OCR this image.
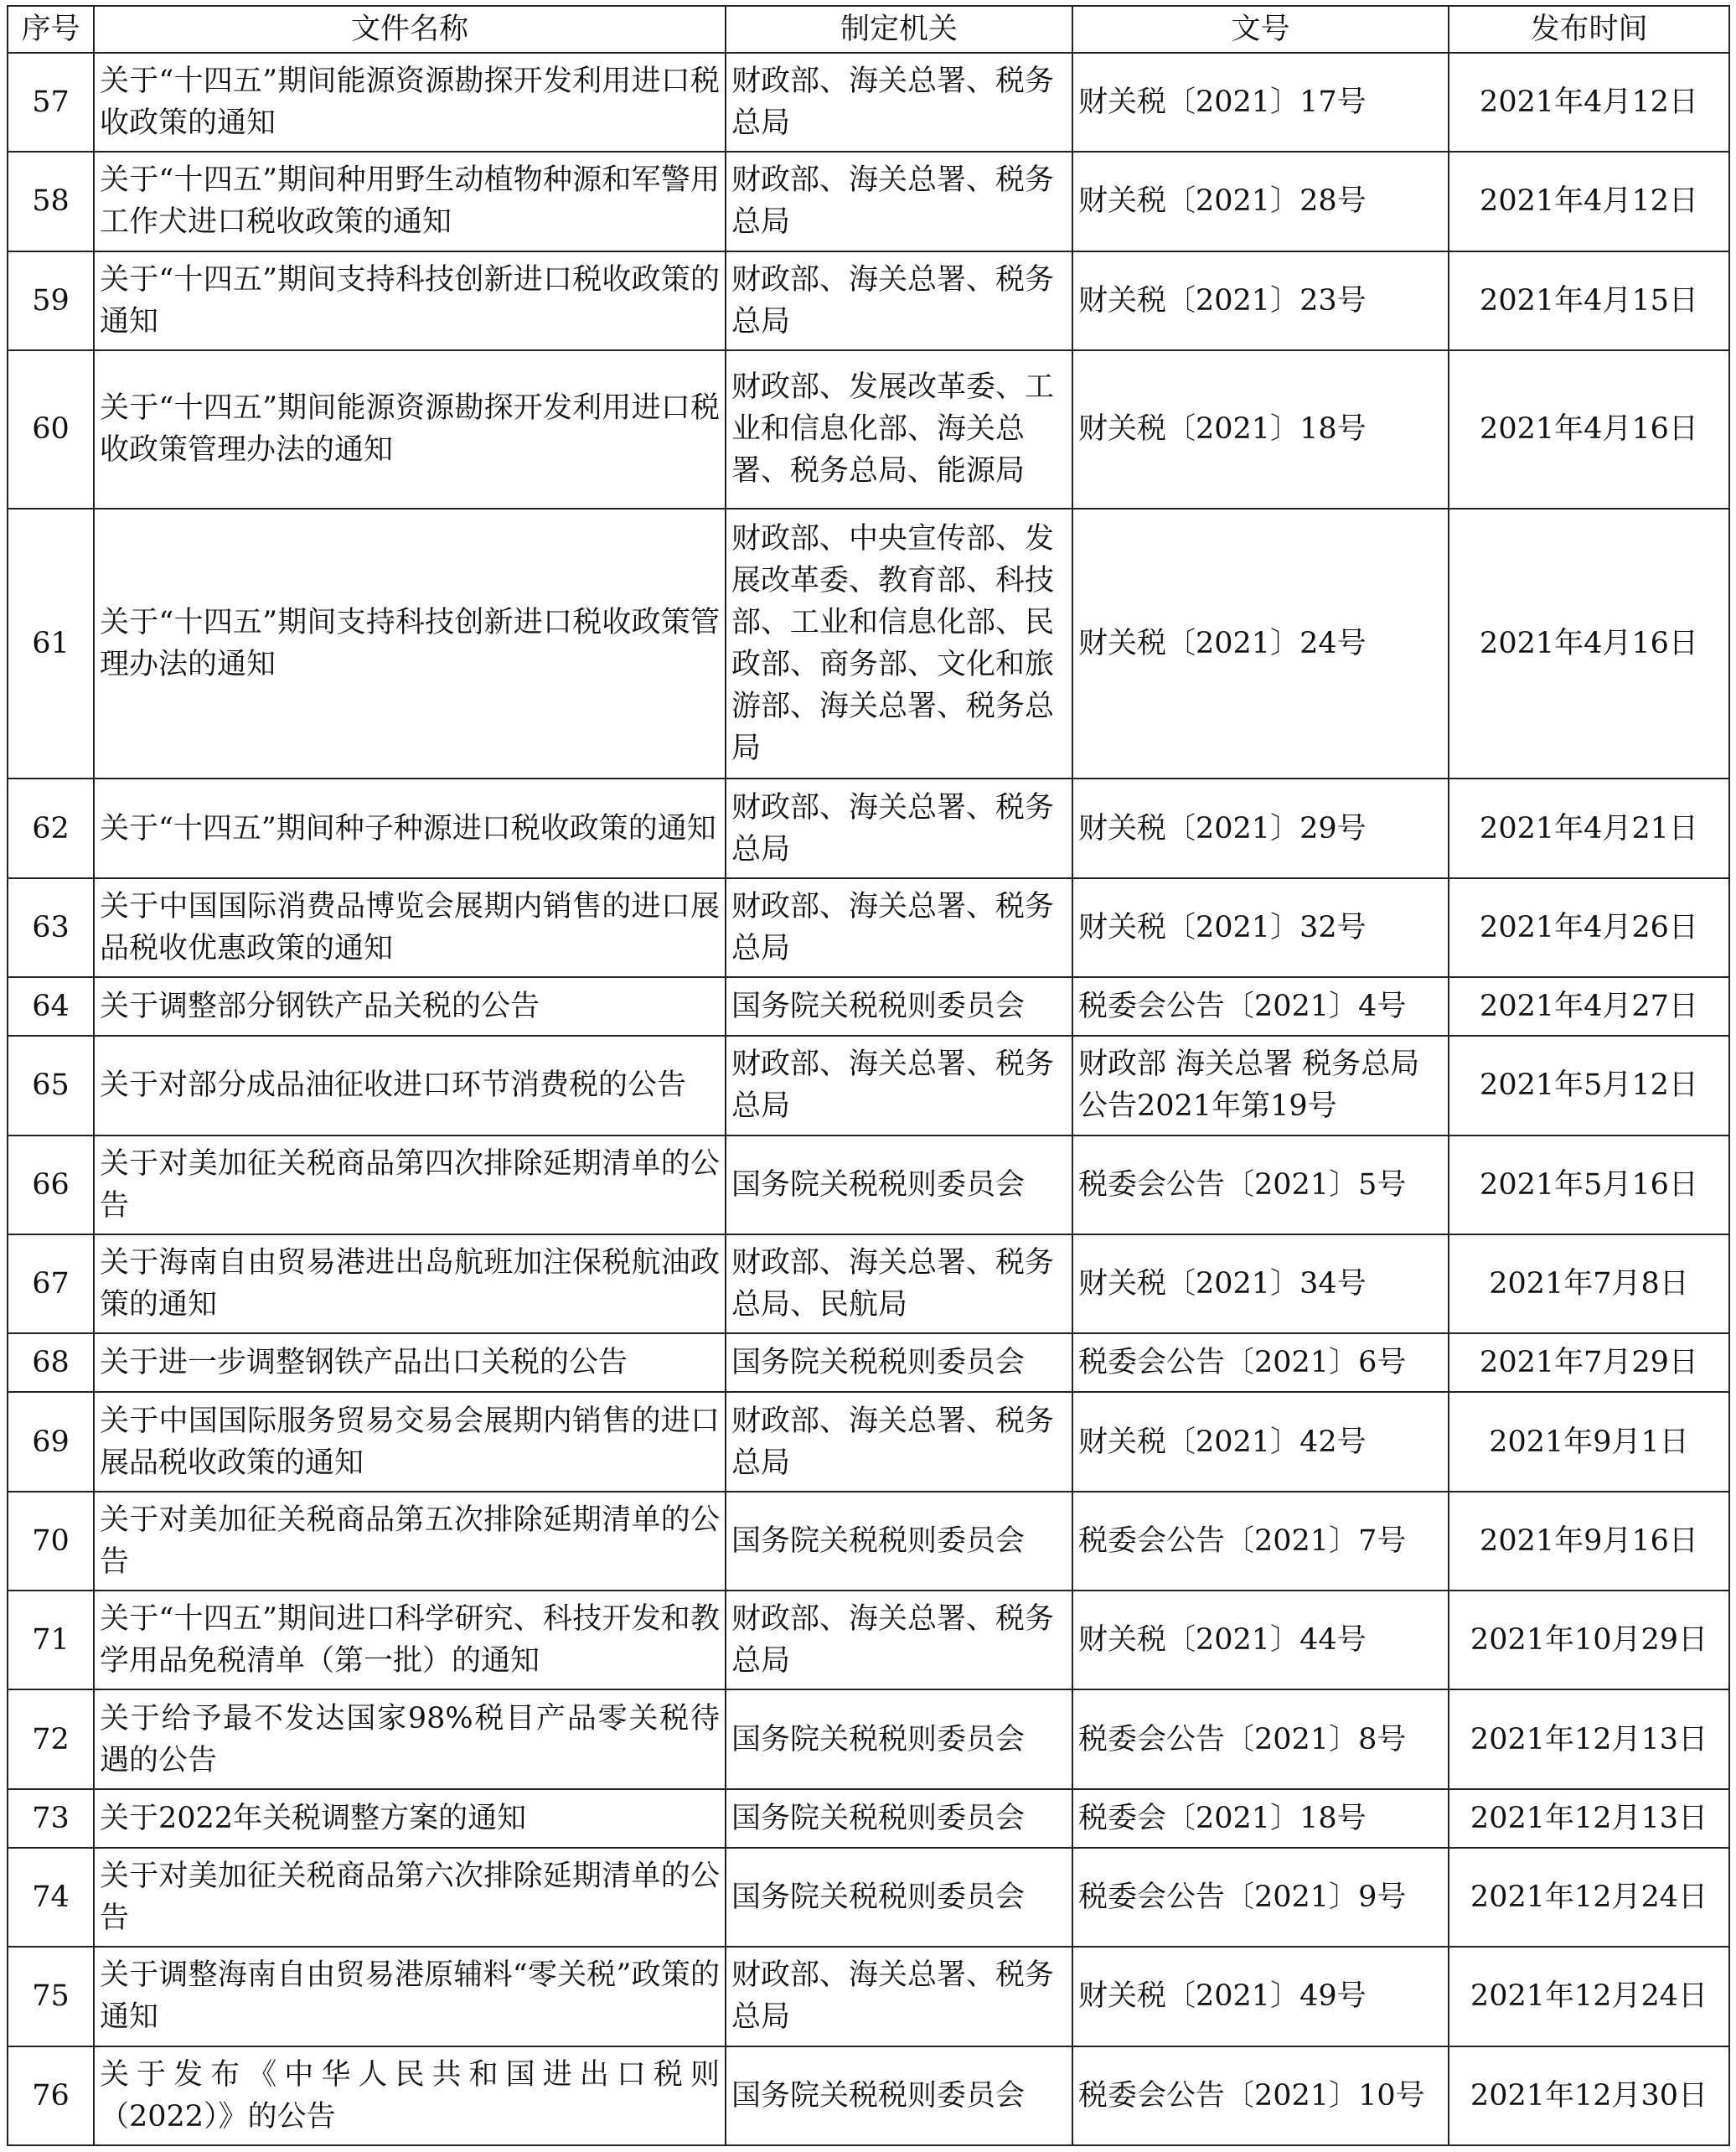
序号	文件名称	制定机关	文号	发布时间
57	关于“十四五”期间能源资源勘探开发利用进口税收政策的通知	财政部、海关总署、税务总局	财关税〔2021〕17号	2021年4月12日
58	关于“十四五”期间种用野生动植物种源和军警用工作犬进口税收政策的通知	财政部、海关总署、税务总局	财关税〔2021〕28号	2021年4月12日
59	关于“十四五”期间支持科技创新进口税收政策的通知	财政部、海关总署、税务总局	财关税〔2021〕23号	2021年4月15日
60	关于“十四五”期间能源资源勘探开发利用进口税收政策管理办法的通知	财政部、发展改革委、工业和信息化部、海关总署、税务总局、能源局	财关税〔2021〕18号	2021年4月16日
61	关于“十四五”期间支持科技创新进口税收政策管理办法的通知	财政部、中央宣传部、发展改革委、教育部、科技部、工业和信息化部、民政部、商务部、文化和旅游部、海关总署、税务总局	财关税〔2021〕24号	2021年4月16日
62	关于“十四五”期间种子种源进口税收政策的通知	财政部、海关总署、税务总局	财关税〔2021〕29号	2021年4月21日
63	关于中国国际消费品博览会展期内销售的进口展品税收优惠政策的通知	财政部、海关总署、税务总局	财关税〔2021〕32号	2021年4月26日
64	关于调整部分钢铁产品关税的公告	国务院关税税则委员会	税委会公告〔2021〕4号	2021年4月27日
65	关于对部分成品油征收进口环节消费税的公告	财政部、海关总署、税务总局	财政部 海关总署 税务总局公告2021年第19号	2021年5月12日
66	关于对美加征关税商品第四次排除延期清单的公告	国务院关税税则委员会	税委会公告〔2021〕5号	2021年5月16日
67	关于海南自由贸易港进出岛航班加注保税航油政策的通知	财政部、海关总署、税务总局、民航局	财关税〔2021〕34号	2021年7月8日
68	关于进一步调整钢铁产品出口关税的公告	国务院关税税则委员会	税委会公告〔2021〕6号	2021年7月29日
69	关于中国国际服务贸易交易会展期内销售的进口展品税收政策的通知	财政部、海关总署、税务总局	财关税〔2021〕42号	2021年9月1日
70	关于对美加征关税商品第五次排除延期清单的公告	国务院关税税则委员会	税委会公告〔2021〕7号	2021年9月16日
71	关于“十四五”期间进口科学研究、科技开发和教学用品免税清单（第一批）的通知	财政部、海关总署、税务总局	财关税〔2021〕44号	2021年10月29日
72	关于给予最不发达国家98%税目产品零关税待遇的公告	国务院关税税则委员会	税委会公告〔2021〕8号	2021年12月13日
73	关于2022年关税调整方案的通知	国务院关税税则委员会	税委会〔2021〕18号	2021年12月13日
74	关于对美加征关税商品第六次排除延期清单的公告	国务院关税税则委员会	税委会公告〔2021〕9号	2021年12月24日
75	关于调整海南自由贸易港原辅料“零关税”政策的通知	财政部、海关总署、税务总局	财关税〔2021〕49号	2021年12月24日
76	关于发布《中华人民共和国进出口税则（2022）》的公告	国务院关税税则委员会	税委会公告〔2021〕10号	2021年12月30日
